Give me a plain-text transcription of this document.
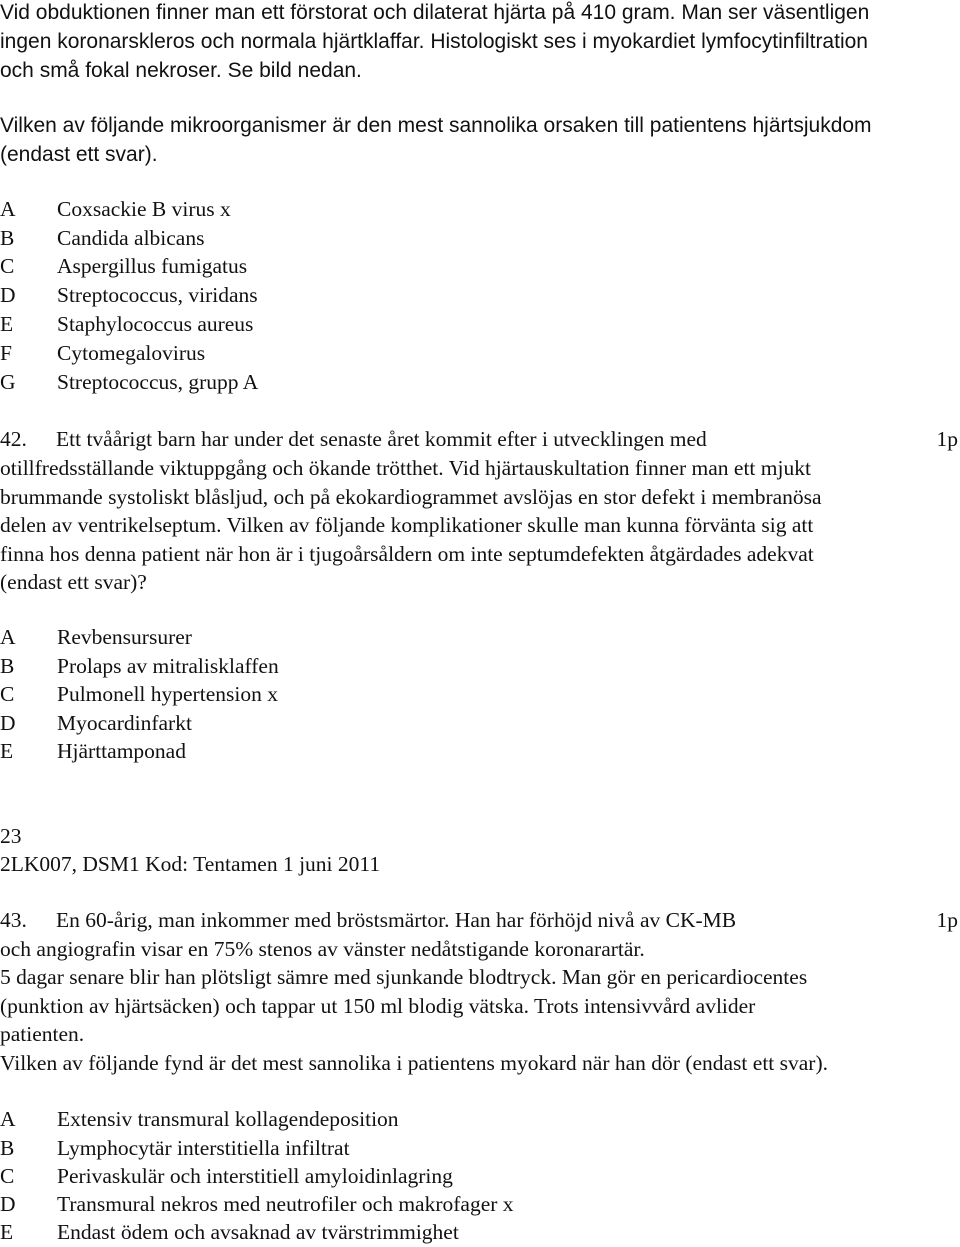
Vid obduktionen finner man ett förstorat och dilaterat hjärta på 410 gram. Man ser väsentligen
ingen koronarskleros och normala hjärtklaffar. Histologiskt ses i myokardiet lymfocytinfiltration
och små fokal nekroser. Se bild nedan.
Vilken av följande mikroorganismer är den mest sannolika orsaken till patientens hjärtsjukdom
(endast ett svar).
A Coxsackie B virus x
B Candida albicans
C Aspergillus fumigatus
D Streptococcus, viridans
E Staphylococcus aureus
F Cytomegalovirus
G Streptococcus, grupp A
42. Ett tvåårigt barn har under det senaste året kommit efter i utvecklingen med	1p
otillfredsställande viktuppgång och ökande trötthet. Vid hjärtauskultation finner man ett mjukt
brummande systoliskt blåsljud, och på ekokardiogrammet avslöjas en stor defekt i membranösa
delen av ventrikelseptum. Vilken av följande komplikationer skulle man kunna förvänta sig att
finna hos denna patient när hon är i tjugoårsåldern om inte septumdefekten åtgärdades adekvat
(endast ett svar)?
A Revbensursurer
B Prolaps av mitralisklaffen
C Pulmonell hypertension x
D Myocardinfarkt
E Hjärttamponad
23
2LK007, DSM1 Kod: Tentamen 1 juni 2011
43. En 60-årig, man inkommer med bröstsmärtor. Han har förhöjd nivå av CK-MB	1p
och angiografin visar en 75% stenos av vänster nedåtstigande koronarartär.
5 dagar senare blir han plötsligt sämre med sjunkande blodtryck. Man gör en pericardiocentes
(punktion av hjärtsäcken) och tappar ut 150 ml blodig vätska. Trots intensivvård avlider
patienten.
Vilken av följande fynd är det mest sannolika i patientens myokard när han dör (endast ett svar).
A Extensiv transmural kollagendeposition
B Lymphocytär interstitiella infiltrat
C Perivaskulär och interstitiell amyloidinlagring
D Transmural nekros med neutrofiler och makrofager x
E Endast ödem och avsaknad av tvärstrimmighet
